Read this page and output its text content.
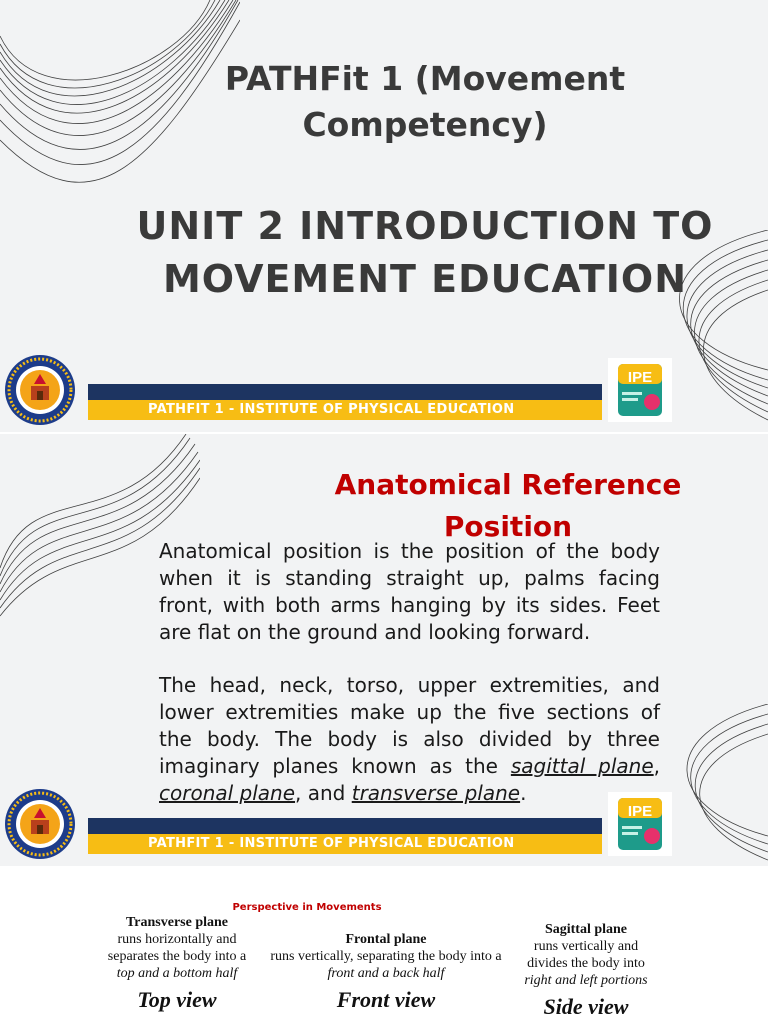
PATHFit 1 (Movement Competency)
UNIT 2 INTRODUCTION TO MOVEMENT EDUCATION
PATHFIT 1 - INSTITUTE OF PHYSICAL EDUCATION
IPE
Anatomical Reference Position

Anatomical position is the position of the body when it is standing straight up, palms facing front, with both arms hanging by its sides. Feet are flat on the ground and looking forward.

The head, neck, torso, upper extremities, and lower extremities make up the five sections of the body. The body is also divided by three imaginary planes known as the sagittal plane, coronal plane, and transverse plane.

PATHFIT 1 - INSTITUTE OF PHYSICAL EDUCATION
IPE
Perspective in Movements
Transverse plane
runs horizontally and
separates the body into a
top and a bottom half
Top view
Frontal plane
runs vertically, separating the body into a
front and a back half
Front view
Sagittal plane
runs vertically and
divides the body into
right and left portions
Side view
